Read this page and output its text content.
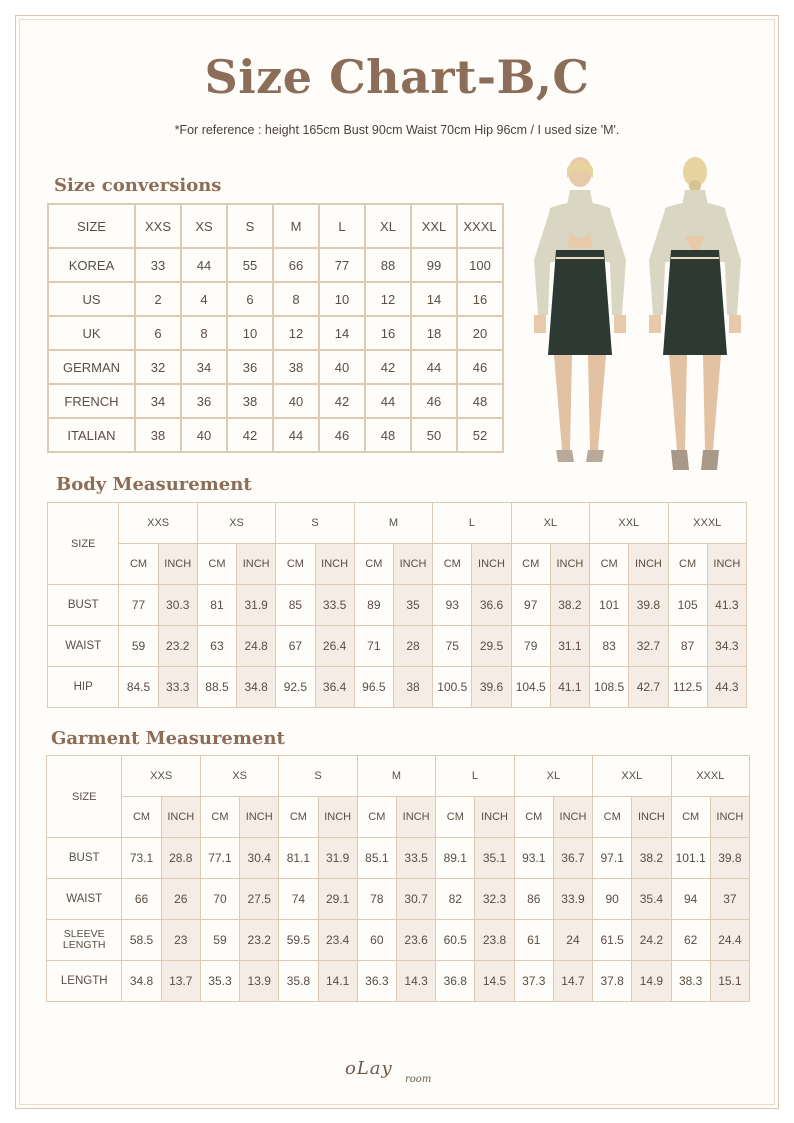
Size Chart-B,C
*For reference : height 165cm Bust 90cm Waist 70cm Hip 96cm / I used size 'M'.
Size conversions
SIZE	XXS	XS	S	M	L	XL	XXL	XXXL
KOREA	33	44	55	66	77	88	99	100
US	2	4	6	8	10	12	14	16
UK	6	8	10	12	14	16	18	20
GERMAN	32	34	36	38	40	42	44	46
FRENCH	34	36	38	40	42	44	46	48
ITALIAN	38	40	42	44	46	48	50	52
Body Measurement
SIZE	XXS		XS		S		M		L		XL		XXL		XXXL	
	CM	INCH	CM	INCH	CM	INCH	CM	INCH	CM	INCH	CM	INCH	CM	INCH	CM	INCH
BUST	77	30.3	81	31.9	85	33.5	89	35	93	36.6	97	38.2	101	39.8	105	41.3
WAIST	59	23.2	63	24.8	67	26.4	71	28	75	29.5	79	31.1	83	32.7	87	34.3
HIP	84.5	33.3	88.5	34.8	92.5	36.4	96.5	38	100.5	39.6	104.5	41.1	108.5	42.7	112.5	44.3
Garment Measurement
SIZE	XXS		XS		S		M		L		XL		XXL		XXXL	
	CM	INCH	CM	INCH	CM	INCH	CM	INCH	CM	INCH	CM	INCH	CM	INCH	CM	INCH
BUST	73.1	28.8	77.1	30.4	81.1	31.9	85.1	33.5	89.1	35.1	93.1	36.7	97.1	38.2	101.1	39.8
WAIST	66	26	70	27.5	74	29.1	78	30.7	82	32.3	86	33.9	90	35.4	94	37
SLEEVE LENGTH	58.5	23	59	23.2	59.5	23.4	60	23.6	60.5	23.8	61	24	61.5	24.2	62	24.4
LENGTH	34.8	13.7	35.3	13.9	35.8	14.1	36.3	14.3	36.8	14.5	37.3	14.7	37.8	14.9	38.3	15.1
oLay
room
